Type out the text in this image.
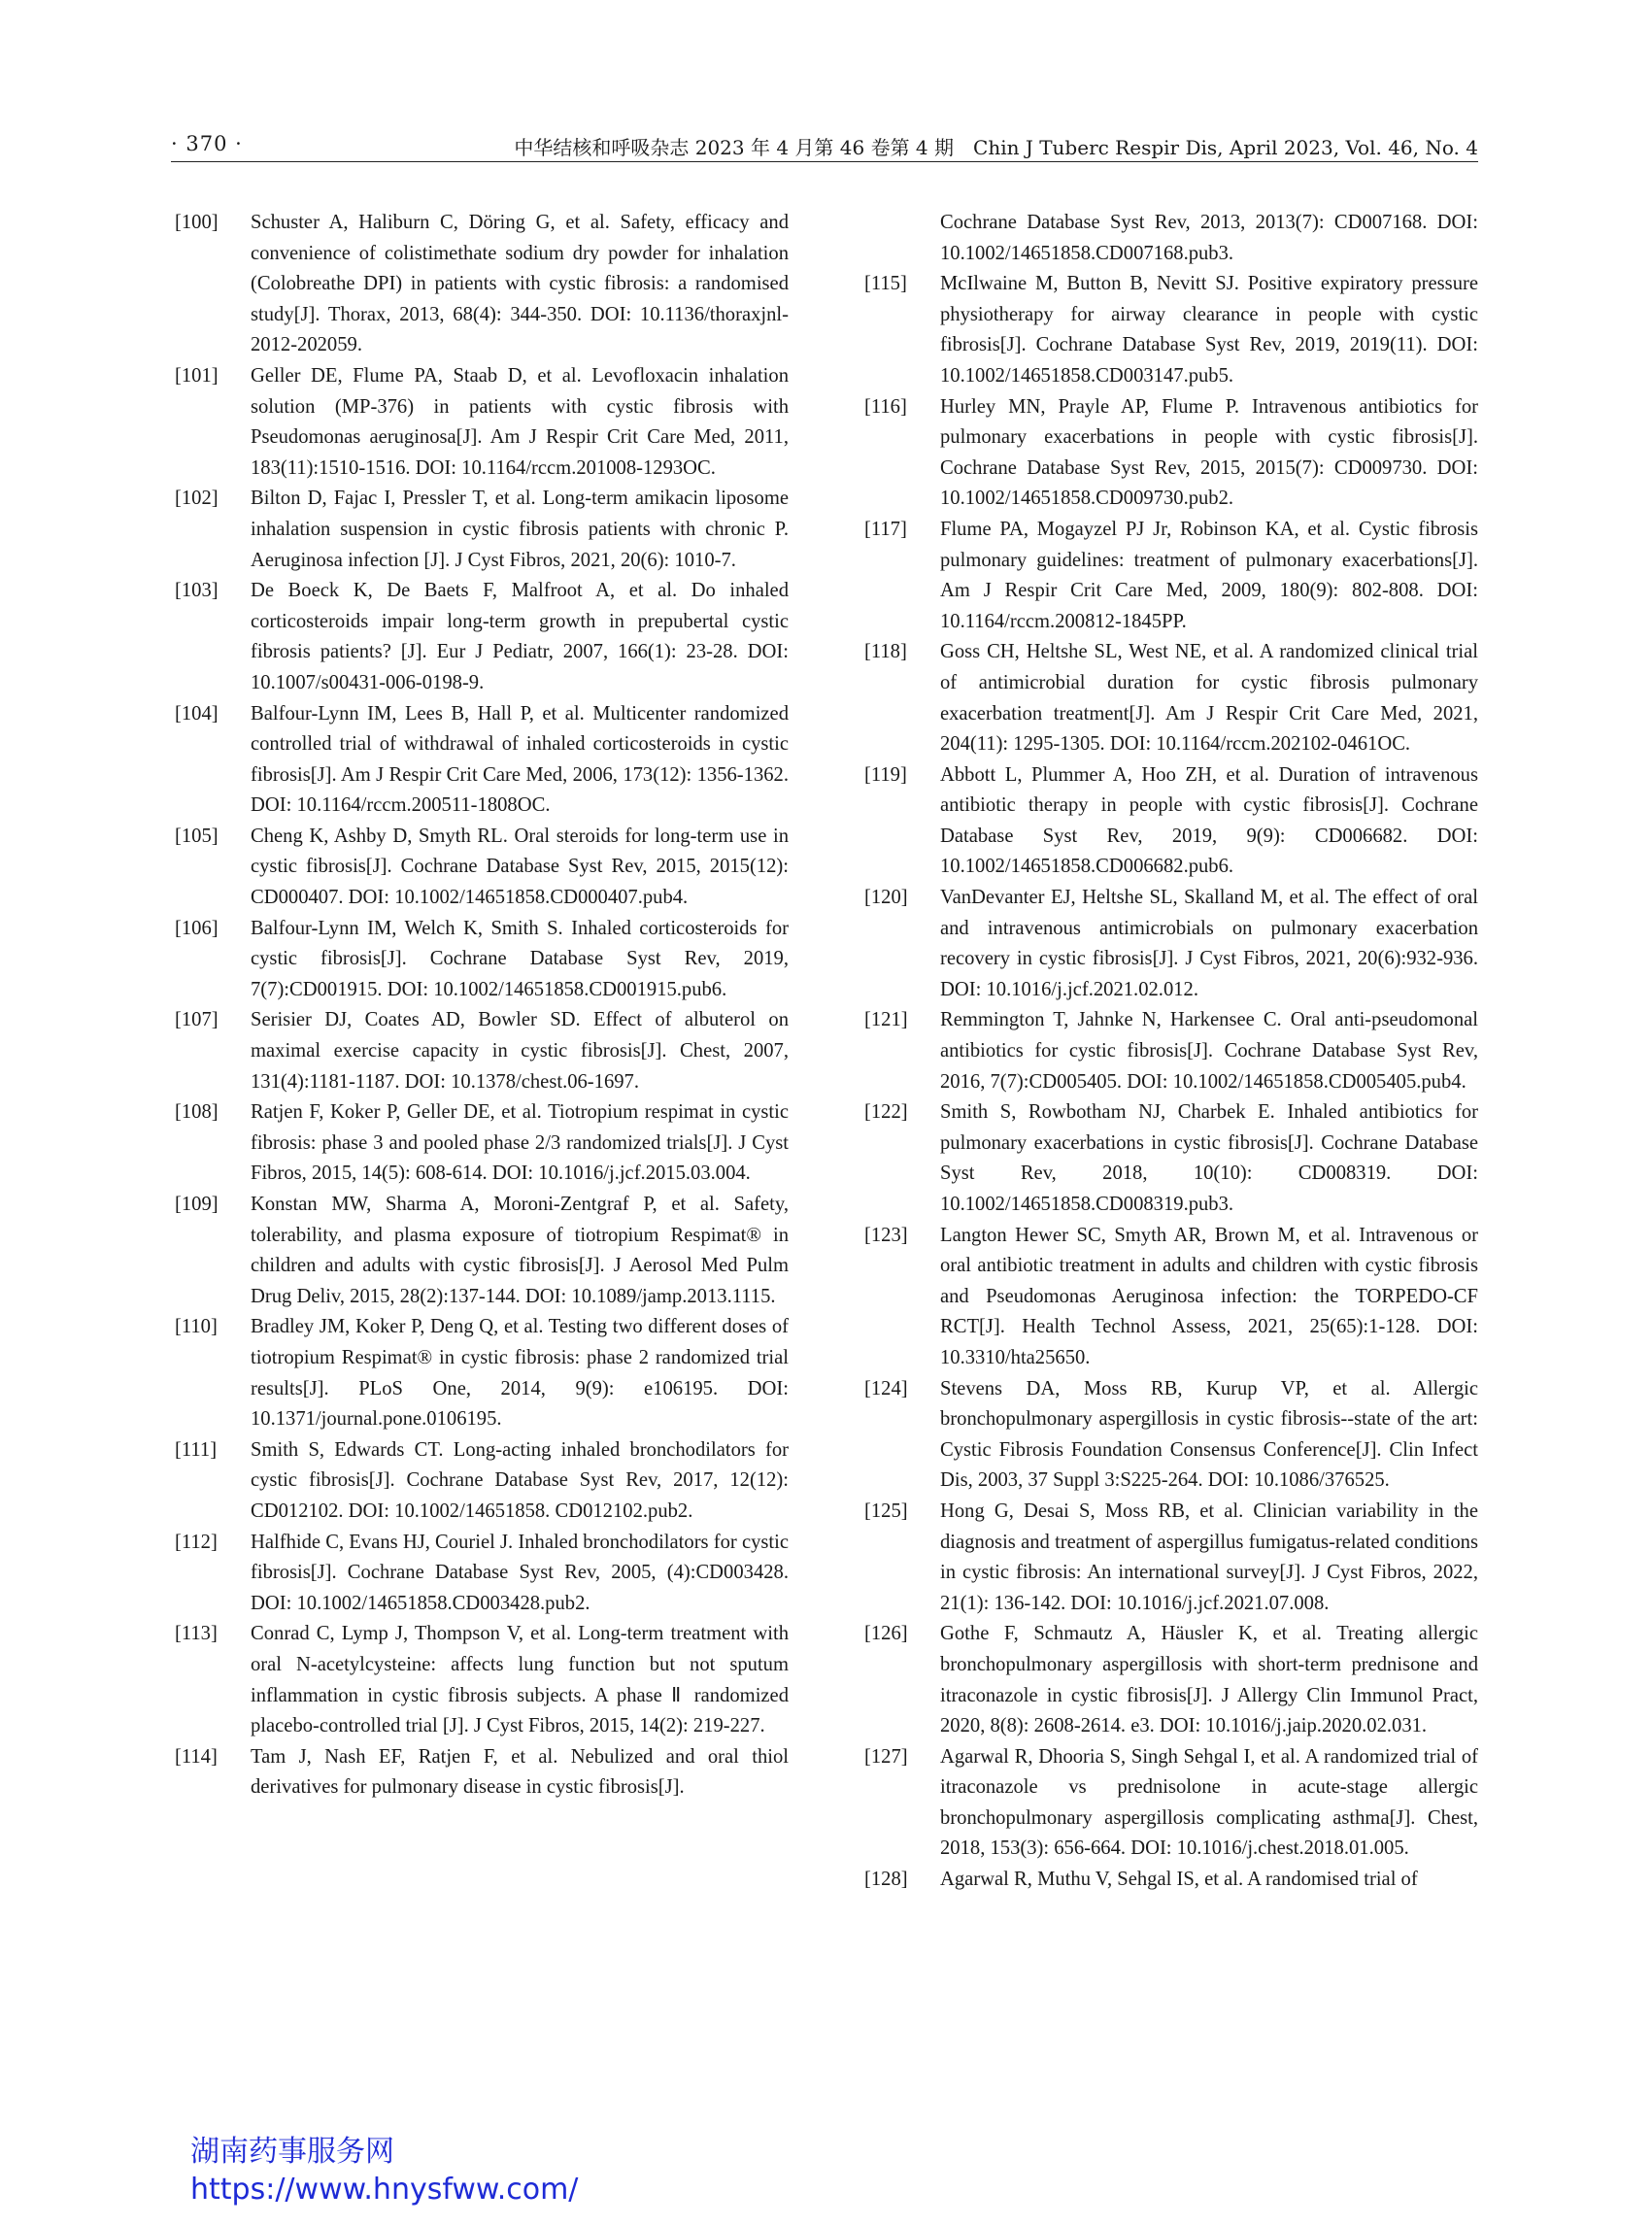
· 370 ·	中华结核和呼吸杂志 2023 年 4 月第 46 卷第 4 期　Chin J Tuberc Respir Dis, April 2023, Vol. 46, No. 4
[100]	Schuster A, Haliburn C, Döring G, et al. Safety, efficacy and convenience of colistimethate sodium dry powder for inhalation (Colobreathe DPI) in patients with cystic fibrosis: a randomised study[J]. Thorax, 2013, 68(4): 344-350. DOI: 10.1136/thoraxjnl-2012-202059.
[101]	Geller DE, Flume PA, Staab D, et al. Levofloxacin inhalation solution (MP-376) in patients with cystic fibrosis with Pseudomonas aeruginosa[J]. Am J Respir Crit Care Med, 2011, 183(11):1510-1516. DOI: 10.1164/rccm.201008-1293OC.
[102]	Bilton D, Fajac I, Pressler T, et al. Long-term amikacin liposome inhalation suspension in cystic fibrosis patients with chronic P. Aeruginosa infection [J]. J Cyst Fibros, 2021, 20(6): 1010-7.
[103]	De Boeck K, De Baets F, Malfroot A, et al. Do inhaled corticosteroids impair long-term growth in prepubertal cystic fibrosis patients? [J]. Eur J Pediatr, 2007, 166(1): 23-28. DOI: 10.1007/s00431-006-0198-9.
[104]	Balfour-Lynn IM, Lees B, Hall P, et al. Multicenter randomized controlled trial of withdrawal of inhaled corticosteroids in cystic fibrosis[J]. Am J Respir Crit Care Med, 2006, 173(12): 1356-1362. DOI: 10.1164/rccm.200511-1808OC.
[105]	Cheng K, Ashby D, Smyth RL. Oral steroids for long-term use in cystic fibrosis[J]. Cochrane Database Syst Rev, 2015, 2015(12): CD000407. DOI: 10.1002/14651858.CD000407.pub4.
[106]	Balfour-Lynn IM, Welch K, Smith S. Inhaled corticosteroids for cystic fibrosis[J]. Cochrane Database Syst Rev, 2019, 7(7):CD001915. DOI: 10.1002/14651858.CD001915.pub6.
[107]	Serisier DJ, Coates AD, Bowler SD. Effect of albuterol on maximal exercise capacity in cystic fibrosis[J]. Chest, 2007, 131(4):1181-1187. DOI: 10.1378/chest.06-1697.
[108]	Ratjen F, Koker P, Geller DE, et al. Tiotropium respimat in cystic fibrosis: phase 3 and pooled phase 2/3 randomized trials[J]. J Cyst Fibros, 2015, 14(5): 608-614. DOI: 10.1016/j.jcf.2015.03.004.
[109]	Konstan MW, Sharma A, Moroni-Zentgraf P, et al. Safety, tolerability, and plasma exposure of tiotropium Respimat® in children and adults with cystic fibrosis[J]. J Aerosol Med Pulm Drug Deliv, 2015, 28(2):137-144. DOI: 10.1089/jamp.2013.1115.
[110]	Bradley JM, Koker P, Deng Q, et al. Testing two different doses of tiotropium Respimat® in cystic fibrosis: phase 2 randomized trial results[J]. PLoS One, 2014, 9(9): e106195. DOI: 10.1371/journal.pone.0106195.
[111]	Smith S, Edwards CT. Long-acting inhaled bronchodilators for cystic fibrosis[J]. Cochrane Database Syst Rev, 2017, 12(12): CD012102. DOI: 10.1002/14651858. CD012102.pub2.
[112]	Halfhide C, Evans HJ, Couriel J. Inhaled bronchodilators for cystic fibrosis[J]. Cochrane Database Syst Rev, 2005, (4):CD003428. DOI: 10.1002/14651858.CD003428.pub2.
[113]	Conrad C, Lymp J, Thompson V, et al. Long-term treatment with oral N-acetylcysteine: affects lung function but not sputum inflammation in cystic fibrosis subjects. A phase Ⅱ randomized placebo-controlled trial [J]. J Cyst Fibros, 2015, 14(2): 219-227.
[114]	Tam J, Nash EF, Ratjen F, et al. Nebulized and oral thiol derivatives for pulmonary disease in cystic fibrosis[J].
Cochrane Database Syst Rev, 2013, 2013(7): CD007168. DOI: 10.1002/14651858.CD007168.pub3.
[115]	McIlwaine M, Button B, Nevitt SJ. Positive expiratory pressure physiotherapy for airway clearance in people with cystic fibrosis[J]. Cochrane Database Syst Rev, 2019, 2019(11). DOI: 10.1002/14651858.CD003147.pub5.
[116]	Hurley MN, Prayle AP, Flume P. Intravenous antibiotics for pulmonary exacerbations in people with cystic fibrosis[J]. Cochrane Database Syst Rev, 2015, 2015(7): CD009730. DOI: 10.1002/14651858.CD009730.pub2.
[117]	Flume PA, Mogayzel PJ Jr, Robinson KA, et al. Cystic fibrosis pulmonary guidelines: treatment of pulmonary exacerbations[J]. Am J Respir Crit Care Med, 2009, 180(9): 802-808. DOI: 10.1164/rccm.200812-1845PP.
[118]	Goss CH, Heltshe SL, West NE, et al. A randomized clinical trial of antimicrobial duration for cystic fibrosis pulmonary exacerbation treatment[J]. Am J Respir Crit Care Med, 2021, 204(11): 1295-1305. DOI: 10.1164/rccm.202102-0461OC.
[119]	Abbott L, Plummer A, Hoo ZH, et al. Duration of intravenous antibiotic therapy in people with cystic fibrosis[J]. Cochrane Database Syst Rev, 2019, 9(9): CD006682. DOI: 10.1002/14651858.CD006682.pub6.
[120]	VanDevanter EJ, Heltshe SL, Skalland M, et al. The effect of oral and intravenous antimicrobials on pulmonary exacerbation recovery in cystic fibrosis[J]. J Cyst Fibros, 2021, 20(6):932-936. DOI: 10.1016/j.jcf.2021.02.012.
[121]	Remmington T, Jahnke N, Harkensee C. Oral anti-pseudomonal antibiotics for cystic fibrosis[J]. Cochrane Database Syst Rev, 2016, 7(7):CD005405. DOI: 10.1002/14651858.CD005405.pub4.
[122]	Smith S, Rowbotham NJ, Charbek E. Inhaled antibiotics for pulmonary exacerbations in cystic fibrosis[J]. Cochrane Database Syst Rev, 2018, 10(10): CD008319. DOI: 10.1002/14651858.CD008319.pub3.
[123]	Langton Hewer SC, Smyth AR, Brown M, et al. Intravenous or oral antibiotic treatment in adults and children with cystic fibrosis and Pseudomonas Aeruginosa infection: the TORPEDO-CF RCT[J]. Health Technol Assess, 2021, 25(65):1-128. DOI: 10.3310/hta25650.
[124]	Stevens DA, Moss RB, Kurup VP, et al. Allergic bronchopulmonary aspergillosis in cystic fibrosis--state of the art: Cystic Fibrosis Foundation Consensus Conference[J]. Clin Infect Dis, 2003, 37 Suppl 3:S225-264. DOI: 10.1086/376525.
[125]	Hong G, Desai S, Moss RB, et al. Clinician variability in the diagnosis and treatment of aspergillus fumigatus-related conditions in cystic fibrosis: An international survey[J]. J Cyst Fibros, 2022, 21(1): 136-142. DOI: 10.1016/j.jcf.2021.07.008.
[126]	Gothe F, Schmautz A, Häusler K, et al. Treating allergic bronchopulmonary aspergillosis with short-term prednisone and itraconazole in cystic fibrosis[J]. J Allergy Clin Immunol Pract, 2020, 8(8): 2608-2614. e3. DOI: 10.1016/j.jaip.2020.02.031.
[127]	Agarwal R, Dhooria S, Singh Sehgal I, et al. A randomized trial of itraconazole vs prednisolone in acute-stage allergic bronchopulmonary aspergillosis complicating asthma[J]. Chest, 2018, 153(3): 656-664. DOI: 10.1016/j.chest.2018.01.005.
[128]	Agarwal R, Muthu V, Sehgal IS, et al. A randomised trial of
湖南药事服务网
https://www.hnysfww.com/
